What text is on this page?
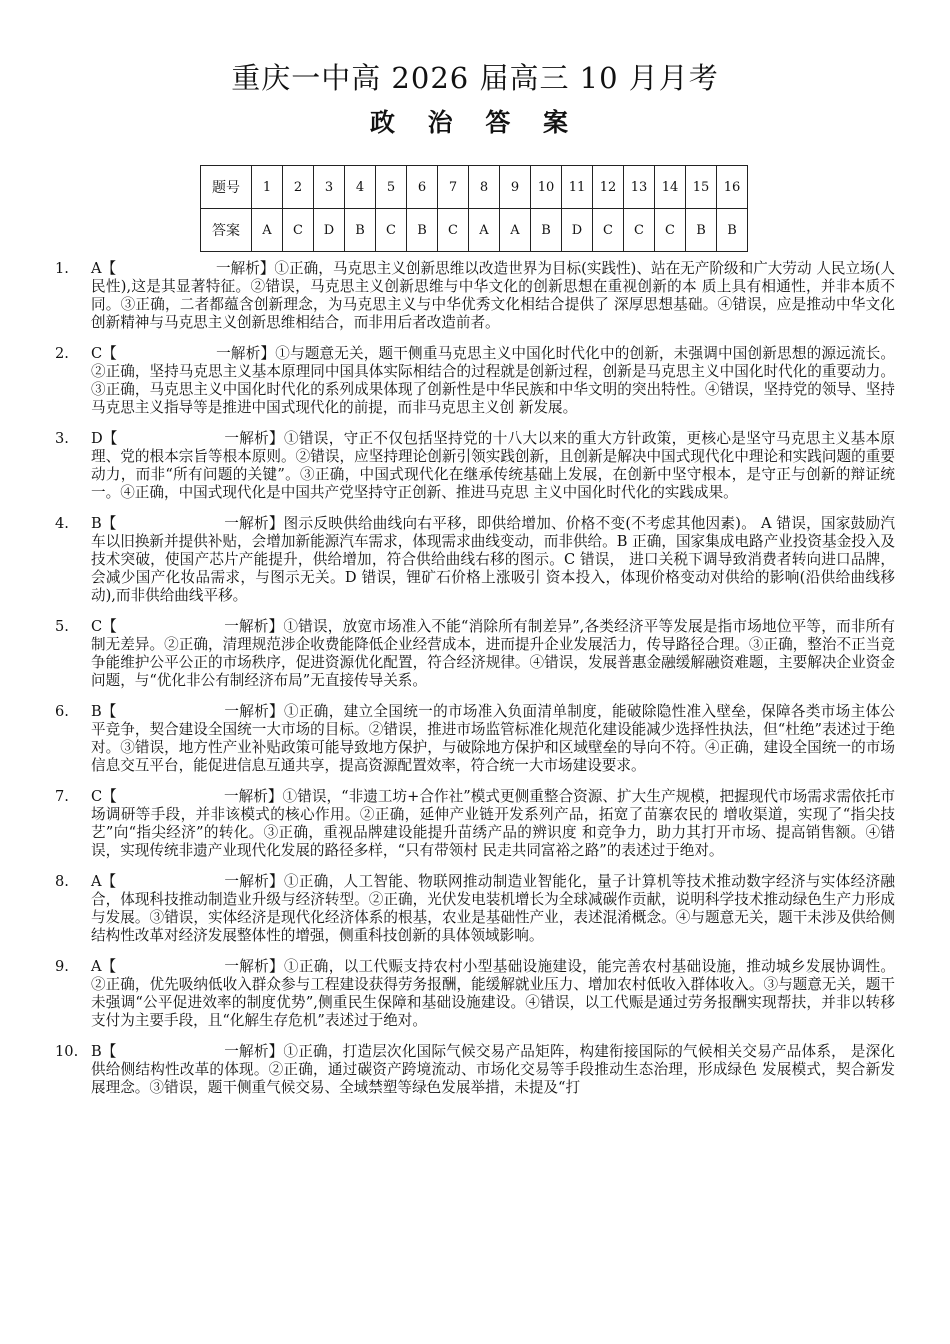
重庆一中高 2026 届高三 10 月月考
政 治 答 案
题号	1	2	3	4	5	6	7	8	9	10	11	12	13	14	15	16
答案	A	C	D	B	C	B	C	A	A	B	D	C	C	C	B	B
1. A【	一解析】①正确，马克思主义创新思维以改造世界为目标(实践性)、站在无产阶级和广大劳动 人民立场(人民性),这是其显著特征。②错误，马克思主义创新思维与中华文化的创新思想在重视创新的本 质上具有相通性，并非本质不同。③正确，二者都蕴含创新理念，为马克思主义与中华优秀文化相结合提供了 深厚思想基础。④错误，应是推动中华文化创新精神与马克思主义创新思维相结合，而非用后者改造前者。
2. C【	一解析】①与题意无关，题干侧重马克思主义中国化时代化中的创新，未强调中国创新思想的源远流长。②正确，坚持马克思主义基本原理同中国具体实际相结合的过程就是创新过程，创新是马克思主义中国化时代化的重要动力。③正确，马克思主义中国化时代化的系列成果体现了创新性是中华民族和中华文明的突出特性。④错误，坚持党的领导、坚持马克思主义指导等是推进中国式现代化的前提，而非马克思主义创 新发展。
3. D【	一解析】①错误，守正不仅包括坚持党的十八大以来的重大方针政策，更核心是坚守马克思主义基本原理、党的根本宗旨等根本原则。②错误，应坚持理论创新引领实践创新，且创新是解决中国式现代化中理论和实践问题的重要动力，而非“所有问题的关键”。③正确，中国式现代化在继承传统基础上发展，在创新中坚守根本，是守正与创新的辩证统一。④正确，中国式现代化是中国共产党坚持守正创新、推进马克思 主义中国化时代化的实践成果。
4. B【	一解析】图示反映供给曲线向右平移，即供给增加、价格不变(不考虑其他因素)。 A 错误，国家鼓励汽车以旧换新并提供补贴，会增加新能源汽车需求，体现需求曲线变动，而非供给。B 正确，国家集成电路产业投资基金投入及技术突破，使国产芯片产能提升，供给增加，符合供给曲线右移的图示。C 错误， 进口关税下调导致消费者转向进口品牌，会减少国产化妆品需求，与图示无关。D 错误，锂矿石价格上涨吸引 资本投入，体现价格变动对供给的影响(沿供给曲线移动),而非供给曲线平移。
5. C【	一解析】①错误，放宽市场准入不能“消除所有制差异”,各类经济平等发展是指市场地位平等，而非所有制无差异。②正确，清理规范涉企收费能降低企业经营成本，进而提升企业发展活力，传导路径合理。③正确，整治不正当竞争能维护公平公正的市场秩序，促进资源优化配置，符合经济规律。④错误，发展普惠金融缓解融资难题，主要解决企业资金问题，与“优化非公有制经济布局”无直接传导关系。
6. B【	一解析】①正确，建立全国统一的市场准入负面清单制度，能破除隐性准入壁垒，保障各类市场主体公平竞争，契合建设全国统一大市场的目标。②错误，推进市场监管标准化规范化建设能减少选择性执法，但“杜绝”表述过于绝对。③错误，地方性产业补贴政策可能导致地方保护，与破除地方保护和区域壁垒的导向不符。④正确，建设全国统一的市场信息交互平台，能促进信息互通共享，提高资源配置效率，符合统一大市场建设要求。
7. C【	一解析】①错误，“非遗工坊+合作社”模式更侧重整合资源、扩大生产规模，把握现代市场需求需依托市场调研等手段，并非该模式的核心作用。②正确，延伸产业链开发系列产品，拓宽了苗寨农民的 增收渠道，实现了“指尖技艺”向“指尖经济”的转化。③正确，重视品牌建设能提升苗绣产品的辨识度 和竞争力，助力其打开市场、提高销售额。④错误，实现传统非遗产业现代化发展的路径多样，“只有带领村 民走共同富裕之路”的表述过于绝对。
8. A【	一解析】①正确，人工智能、物联网推动制造业智能化，量子计算机等技术推动数字经济与实体经济融合，体现科技推动制造业升级与经济转型。②正确，光伏发电装机增长为全球减碳作贡献，说明科学技术推动绿色生产力形成与发展。③错误，实体经济是现代化经济体系的根基，农业是基础性产业，表述混淆概念。④与题意无关，题干未涉及供给侧结构性改革对经济发展整体性的增强，侧重科技创新的具体领域影响。
9. A【	一解析】①正确，以工代赈支持农村小型基础设施建设，能完善农村基础设施，推动城乡发展协调性。②正确，优先吸纳低收入群众参与工程建设获得劳务报酬，能缓解就业压力、增加农村低收入群体收入。③与题意无关，题干未强调“公平促进效率的制度优势”,侧重民生保障和基础设施建设。④错误，以工代赈是通过劳务报酬实现帮扶，并非以转移支付为主要手段，且“化解生存危机”表述过于绝对。
10. B【	一解析】①正确，打造层次化国际气候交易产品矩阵，构建衔接国际的气候相关交易产品体系， 是深化供给侧结构性改革的体现。②正确，通过碳资产跨境流动、市场化交易等手段推动生态治理，形成绿色 发展模式，契合新发展理念。③错误，题干侧重气候交易、全域禁塑等绿色发展举措，未提及“打
